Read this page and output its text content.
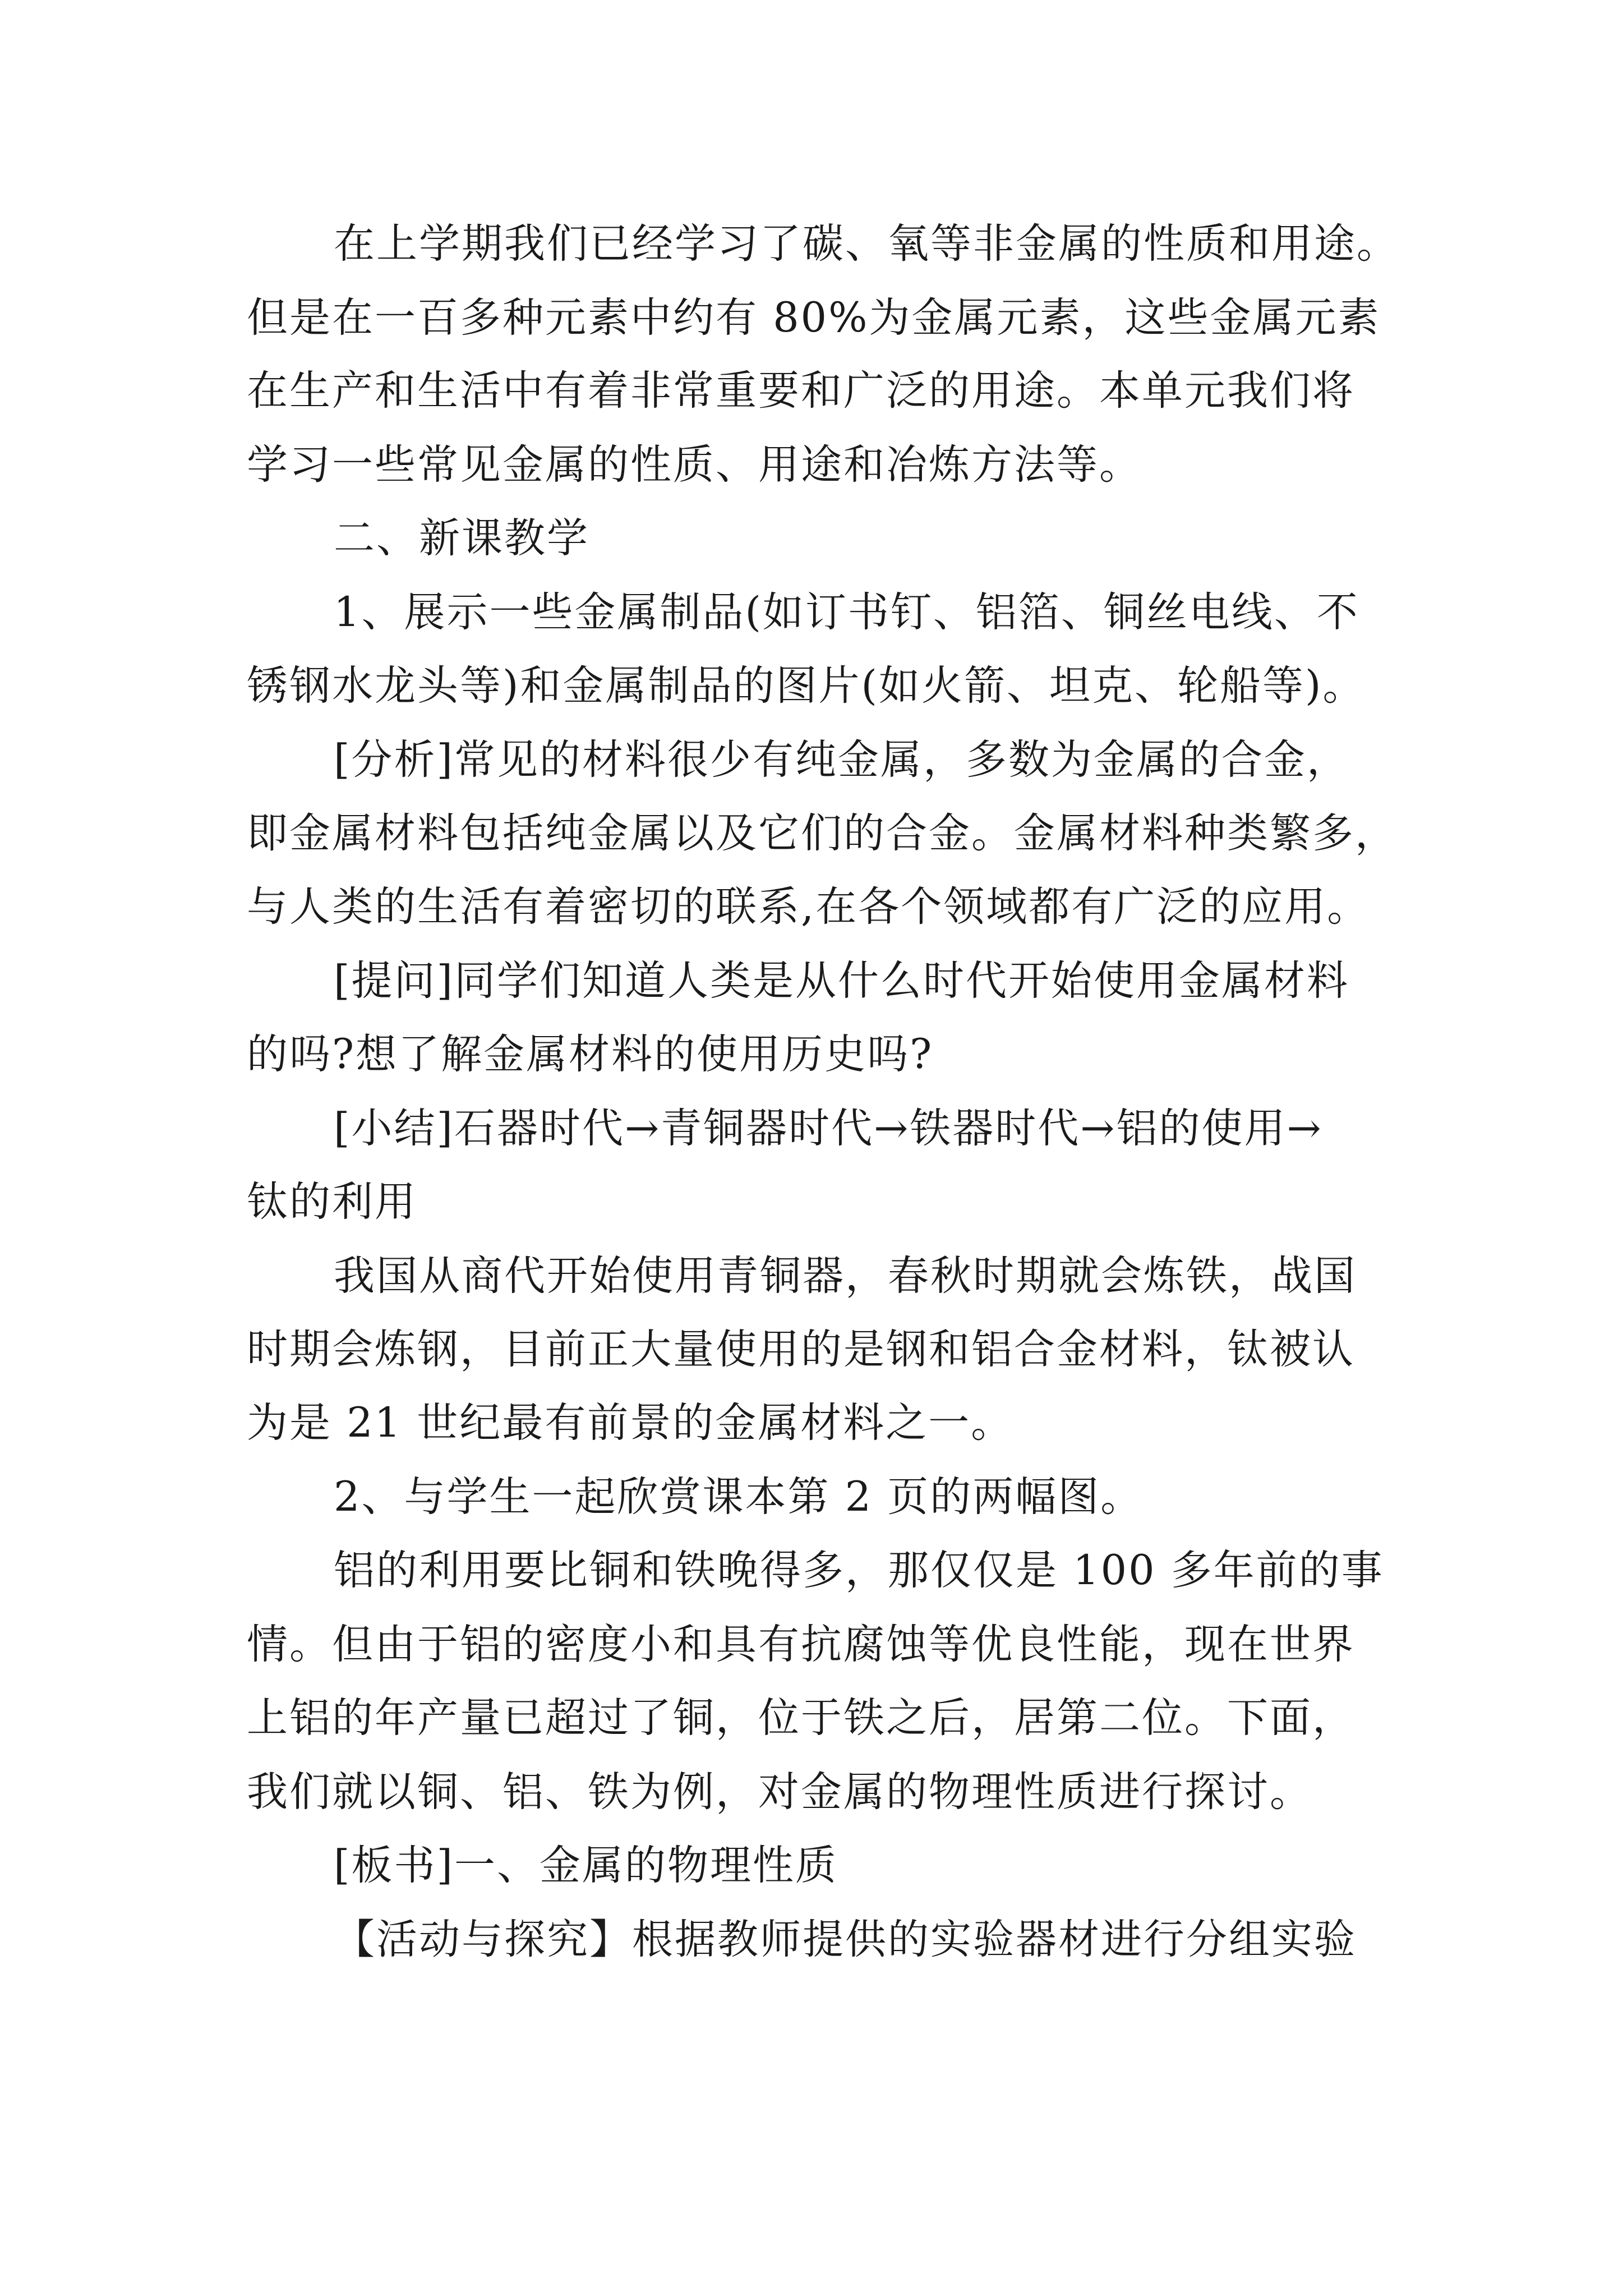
在上学期我们已经学习了碳、氧等非金属的性质和用途。
但是在一百多种元素中约有 80%为金属元素，这些金属元素
在生产和生活中有着非常重要和广泛的用途。本单元我们将
学习一些常见金属的性质、用途和冶炼方法等。
二、新课教学
1、展示一些金属制品(如订书钉、铝箔、铜丝电线、不
锈钢水龙头等)和金属制品的图片(如火箭、坦克、轮船等)。
[分析]常见的材料很少有纯金属，多数为金属的合金，
即金属材料包括纯金属以及它们的合金。金属材料种类繁多，
与人类的生活有着密切的联系,在各个领域都有广泛的应用。
[提问]同学们知道人类是从什么时代开始使用金属材料
的吗?想了解金属材料的使用历史吗?
[小结]石器时代→青铜器时代→铁器时代→铝的使用→
钛的利用
我国从商代开始使用青铜器，春秋时期就会炼铁，战国
时期会炼钢，目前正大量使用的是钢和铝合金材料，钛被认
为是 21 世纪最有前景的金属材料之一。
2、与学生一起欣赏课本第 2 页的两幅图。
铝的利用要比铜和铁晚得多，那仅仅是 100 多年前的事
情。但由于铝的密度小和具有抗腐蚀等优良性能，现在世界
上铝的年产量已超过了铜，位于铁之后，居第二位。下面，
我们就以铜、铝、铁为例，对金属的物理性质进行探讨。
[板书]一、金属的物理性质
【活动与探究】根据教师提供的实验器材进行分组实验
